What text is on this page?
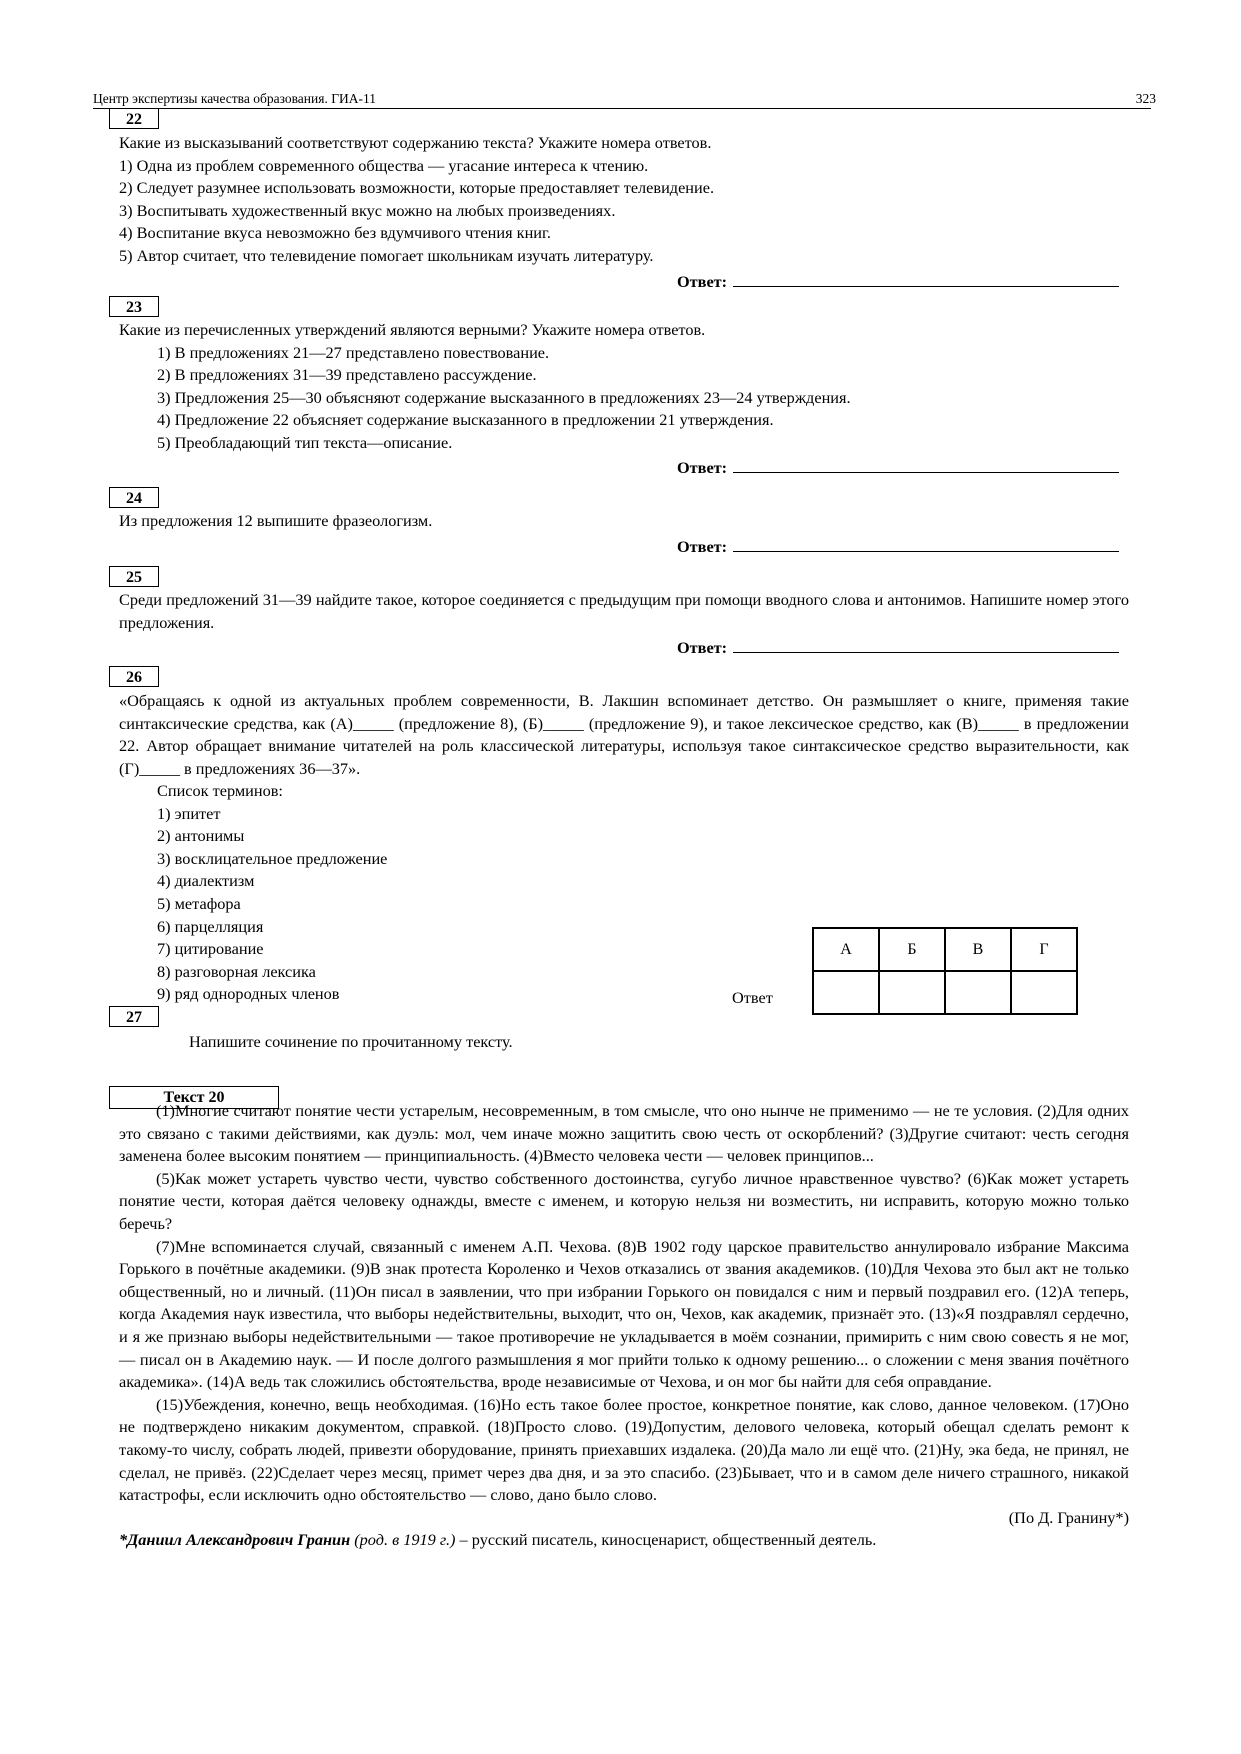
Центр экспертизы качества образования. ГИА-11	323
22
Какие из высказываний соответствуют содержанию текста? Укажите номера ответов.
1) Одна из проблем современного общества — угасание интереса к чтению.
2) Следует разумнее использовать возможности, которые предоставляет телевидение.
3) Воспитывать художественный вкус можно на любых произведениях.
4) Воспитание вкуса невозможно без вдумчивого чтения книг.
5) Автор считает, что телевидение помогает школьникам изучать литературу.
Ответ:
23
Какие из перечисленных утверждений являются верными? Укажите номера ответов.
1) В предложениях 21—27 представлено повествование.
2) В предложениях 31—39 представлено рассуждение.
3) Предложения 25—30 объясняют содержание высказанного в предложениях 23—24 утверждения.
4) Предложение 22 объясняет содержание высказанного в предложении 21 утверждения.
5) Преобладающий тип текста—описание.
Ответ:
24
Из предложения 12 выпишите фразеологизм.
Ответ:
25
Среди предложений 31—39 найдите такое, которое соединяется с предыдущим при помощи вводного слова и антонимов. Напишите номер этого предложения.
Ответ:
26
«Обращаясь к одной из актуальных проблем современности, В. Лакшин вспоминает детство. Он размышляет о книге, применяя такие синтаксические средства, как (А)_____ (предложение 8), (Б)_____ (предложение 9), и такое лексическое средство, как (В)_____ в предложении 22. Автор обращает внимание читателей на роль классической литературы, используя такое синтаксическое средство выразительности, как (Г)_____ в предложениях 36—37».
Список терминов:
1) эпитет
2) антонимы
3) восклицательное предложение
4) диалектизм
5) метафора
6) парцелляция
7) цитирование
8) разговорная лексика
9) ряд однородных членов	Ответ
А	Б	В	Г

27
Напишите сочинение по прочитанному тексту.
Текст 20

(1)Многие считают понятие чести устарелым, несовременным, в том смысле, что оно нынче не применимо — не те условия. (2)Для одних это связано с такими действиями, как дуэль: мол, чем иначе можно защитить свою честь от оскорблений? (3)Другие считают: честь сегодня заменена более высоким понятием — принципиальность. (4)Вместо человека чести — человек принципов...

(5)Как может устареть чувство чести, чувство собственного достоинства, сугубо личное нравственное чувство? (6)Как может устареть понятие чести, которая даётся человеку однажды, вместе с именем, и которую нельзя ни возместить, ни исправить, которую можно только беречь?

(7)Мне вспоминается случай, связанный с именем А.П. Чехова. (8)В 1902 году царское правительство аннулировало избрание Максима Горького в почётные академики. (9)В знак протеста Короленко и Чехов отказались от звания академиков. (10)Для Чехова это был акт не только общественный, но и личный. (11)Он писал в заявлении, что при избрании Горького он повидался с ним и первый поздравил его. (12)А теперь, когда Академия наук известила, что выборы недействительны, выходит, что он, Чехов, как академик, признаёт это. (13)«Я поздравлял сердечно, и я же признаю выборы недействительными — такое противоречие не укладывается в моём сознании, примирить с ним свою совесть я не мог, — писал он в Академию наук. — И после долгого размышления я мог прийти только к одному решению... о сложении с меня звания почётного академика». (14)А ведь так сложились обстоятельства, вроде независимые от Чехова, и он мог бы найти для себя оправдание.

(15)Убеждения, конечно, вещь необходимая. (16)Но есть такое более простое, конкретное понятие, как слово, данное человеком. (17)Оно не подтверждено никаким документом, справкой. (18)Просто слово. (19)Допустим, делового человека, который обещал сделать ремонт к такому-то числу, собрать людей, привезти оборудование, принять приехавших издалека. (20)Да мало ли ещё что. (21)Ну, эка беда, не принял, не сделал, не привёз. (22)Сделает через месяц, примет через два дня, и за это спасибо. (23)Бывает, что и в самом деле ничего страшного, никакой катастрофы, если исключить одно обстоятельство — слово, дано было слово.

(По Д. Гранину*)
*Даниил Александрович Гранин (род. в 1919 г.) – русский писатель, киносценарист, общественный деятель.
